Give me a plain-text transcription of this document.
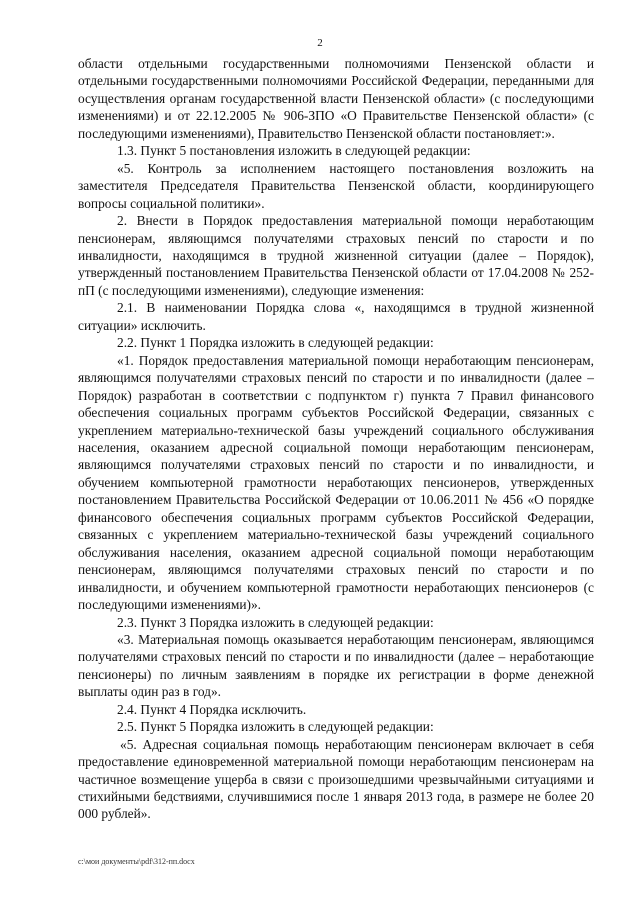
2

области отдельными государственными полномочиями Пензенской области и отдельными государственными полномочиями Российской Федерации, переданными для осуществления органам государственной власти Пензенской области» (с последующими изменениями) и от 22.12.2005 № 906-ЗПО «О Правительстве Пензенской области» (с последующими изменениями), Правительство Пензенской области постановляет:».

1.3. Пункт 5 постановления изложить в следующей редакции:

«5. Контроль за исполнением настоящего постановления возложить на заместителя Председателя Правительства Пензенской области, координирующего вопросы социальной политики».

2. Внести в Порядок предоставления материальной помощи неработающим пенсионерам, являющимся получателями страховых пенсий по старости и по инвалидности, находящимся в трудной жизненной ситуации (далее – Порядок), утвержденный постановлением Правительства Пензенской области от 17.04.2008 № 252-пП (с последующими изменениями), следующие изменения:

2.1. В наименовании Порядка слова «, находящимся в трудной жизненной ситуации» исключить.

2.2. Пункт 1 Порядка изложить в следующей редакции:

«1. Порядок предоставления материальной помощи неработающим пенсионерам, являющимся получателями страховых пенсий по старости и по инвалидности (далее – Порядок) разработан в соответствии с подпунктом г) пункта 7 Правил финансового обеспечения социальных программ субъектов Российской Федерации, связанных с укреплением материально-технической базы учреждений социального обслуживания населения, оказанием адресной социальной помощи неработающим пенсионерам, являющимся получателями страховых пенсий по старости и по инвалидности, и обучением компьютерной грамотности неработающих пенсионеров, утвержденных постановлением Правительства Российской Федерации от 10.06.2011 № 456 «О порядке финансового обеспечения социальных программ субъектов Российской Федерации, связанных с укреплением материально-технической базы учреждений социального обслуживания населения, оказанием адресной социальной помощи неработающим пенсионерам, являющимся получателями страховых пенсий по старости и по инвалидности, и обучением компьютерной грамотности неработающих пенсионеров (с последующими изменениями)».

2.3. Пункт 3 Порядка изложить в следующей редакции:

«3. Материальная помощь оказывается неработающим пенсионерам, являющимся получателями страховых пенсий по старости и по инвалидности (далее – неработающие пенсионеры) по личным заявлениям в порядке их регистрации в форме денежной выплаты один раз в год».

2.4. Пункт 4 Порядка исключить.

2.5. Пункт 5 Порядка изложить в следующей редакции:

«5. Адресная социальная помощь неработающим пенсионерам включает в себя предоставление единовременной материальной помощи неработающим пенсионерам на частичное возмещение ущерба в связи с произошедшими чрезвычайными ситуациями и стихийными бедствиями, случившимися после 1 января 2013 года, в размере не более 20 000 рублей».

c:\мои документы\pdf\312-пп.docx
